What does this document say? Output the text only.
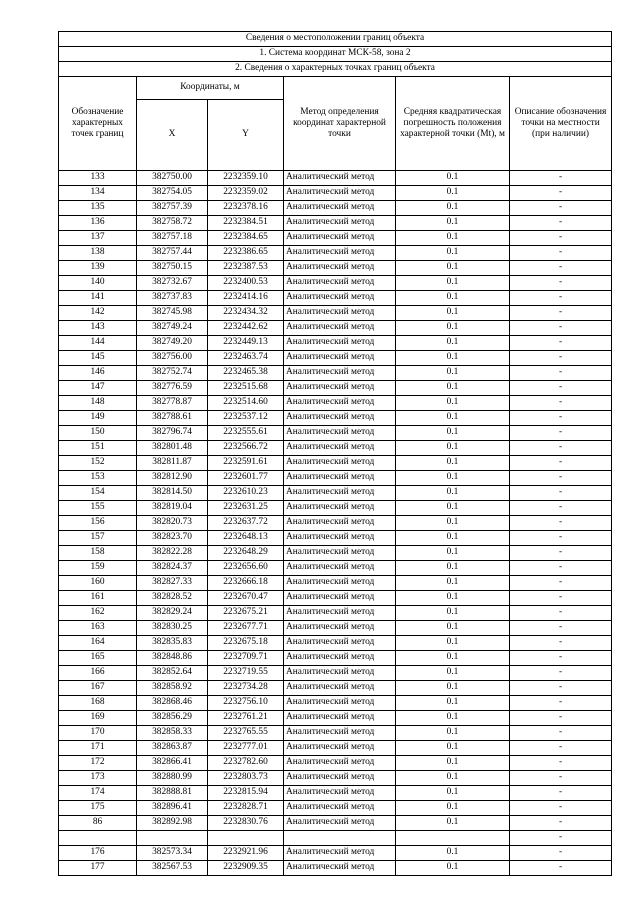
Сведения о местоположении границ объекта					
1. Система координат МСК-58, зона 2					
2. Сведения о характерных точках границ объекта					
Обозначение характерных точек границ	Координаты, м		Метод определения координат характерной точки	Средняя квадратическая погрешность положения характерной точки (Mt), м	Описание обозначения точки на местности (при наличии)
	X	Y			
133	382750.00	2232359.10	Аналитический метод	0.1	-
134	382754.05	2232359.02	Аналитический метод	0.1	-
135	382757.39	2232378.16	Аналитический метод	0.1	-
136	382758.72	2232384.51	Аналитический метод	0.1	-
137	382757.18	2232384.65	Аналитический метод	0.1	-
138	382757.44	2232386.65	Аналитический метод	0.1	-
139	382750.15	2232387.53	Аналитический метод	0.1	-
140	382732.67	2232400.53	Аналитический метод	0.1	-
141	382737.83	2232414.16	Аналитический метод	0.1	-
142	382745.98	2232434.32	Аналитический метод	0.1	-
143	382749.24	2232442.62	Аналитический метод	0.1	-
144	382749.20	2232449.13	Аналитический метод	0.1	-
145	382756.00	2232463.74	Аналитический метод	0.1	-
146	382752.74	2232465.38	Аналитический метод	0.1	-
147	382776.59	2232515.68	Аналитический метод	0.1	-
148	382778.87	2232514.60	Аналитический метод	0.1	-
149	382788.61	2232537.12	Аналитический метод	0.1	-
150	382796.74	2232555.61	Аналитический метод	0.1	-
151	382801.48	2232566.72	Аналитический метод	0.1	-
152	382811.87	2232591.61	Аналитический метод	0.1	-
153	382812.90	2232601.77	Аналитический метод	0.1	-
154	382814.50	2232610.23	Аналитический метод	0.1	-
155	382819.04	2232631.25	Аналитический метод	0.1	-
156	382820.73	2232637.72	Аналитический метод	0.1	-
157	382823.70	2232648.13	Аналитический метод	0.1	-
158	382822.28	2232648.29	Аналитический метод	0.1	-
159	382824.37	2232656.60	Аналитический метод	0.1	-
160	382827.33	2232666.18	Аналитический метод	0.1	-
161	382828.52	2232670.47	Аналитический метод	0.1	-
162	382829.24	2232675.21	Аналитический метод	0.1	-
163	382830.25	2232677.71	Аналитический метод	0.1	-
164	382835.83	2232675.18	Аналитический метод	0.1	-
165	382848.86	2232709.71	Аналитический метод	0.1	-
166	382852.64	2232719.55	Аналитический метод	0.1	-
167	382858.92	2232734.28	Аналитический метод	0.1	-
168	382868.46	2232756.10	Аналитический метод	0.1	-
169	382856.29	2232761.21	Аналитический метод	0.1	-
170	382858.33	2232765.55	Аналитический метод	0.1	-
171	382863.87	2232777.01	Аналитический метод	0.1	-
172	382866.41	2232782.60	Аналитический метод	0.1	-
173	382880.99	2232803.73	Аналитический метод	0.1	-
174	382888.81	2232815.94	Аналитический метод	0.1	-
175	382896.41	2232828.71	Аналитический метод	0.1	-
86	382892.98	2232830.76	Аналитический метод	0.1	-
					-
176	382573.34	2232921.96	Аналитический метод	0.1	-
177	382567.53	2232909.35	Аналитический метод	0.1	-
